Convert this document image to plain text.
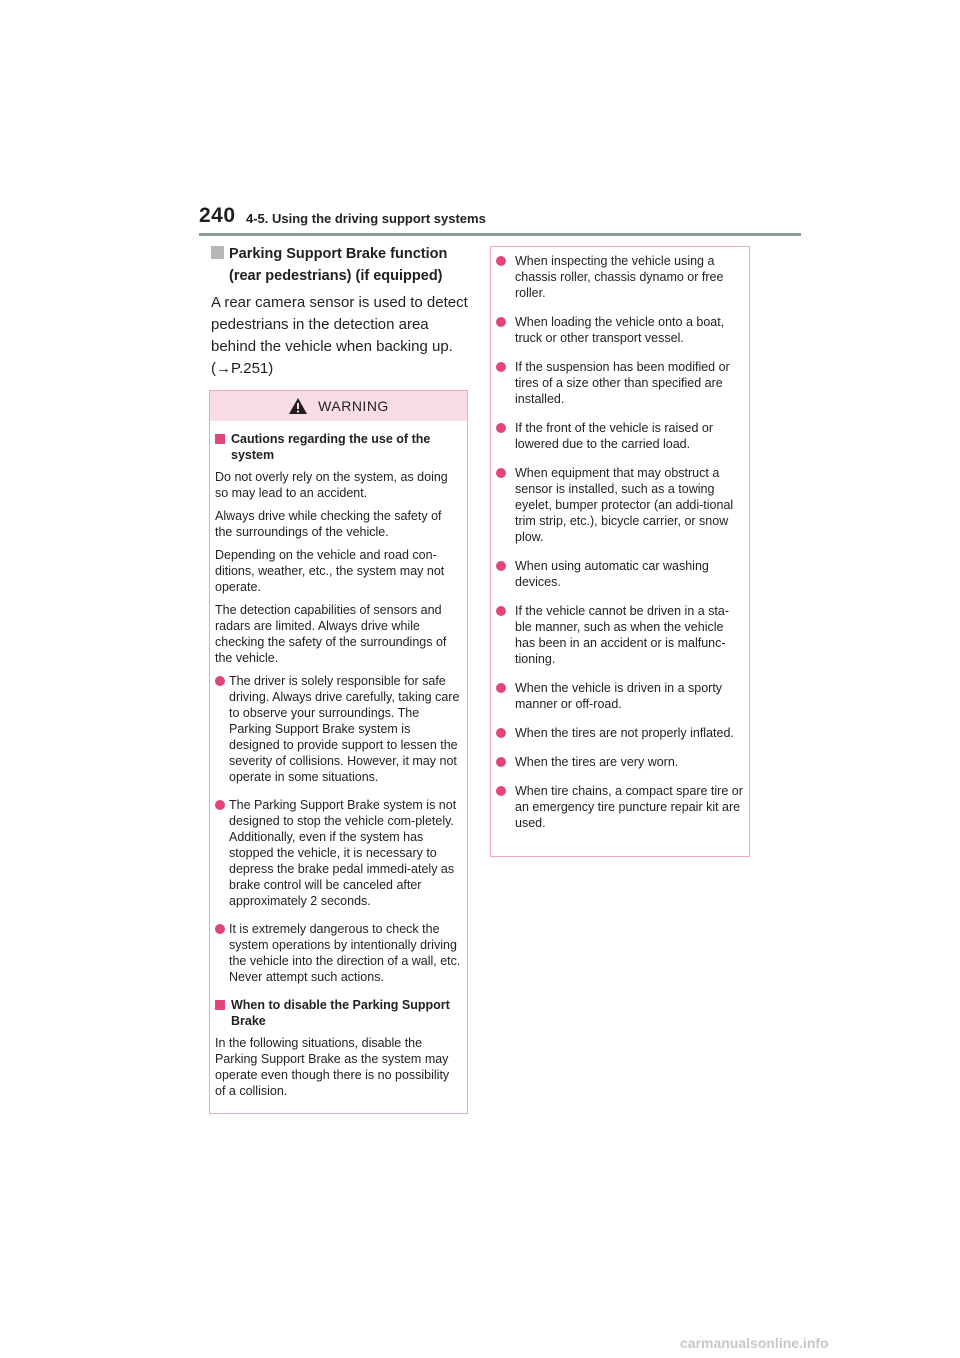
240 4-5. Using the driving support systems
Parking Support Brake function (rear pedestrians) (if equipped)
A rear camera sensor is used to detect pedestrians in the detection area behind the vehicle when backing up. (→P.251)
WARNING
Cautions regarding the use of the system

Do not overly rely on the system, as doing so may lead to an accident.

Always drive while checking the safety of the surroundings of the vehicle.

Depending on the vehicle and road con-ditions, weather, etc., the system may not operate.

The detection capabilities of sensors and radars are limited. Always drive while checking the safety of the surroundings of the vehicle.

The driver is solely responsible for safe driving. Always drive carefully, taking care to observe your surroundings. The Parking Support Brake system is designed to provide support to lessen the severity of collisions. However, it may not operate in some situations.
The Parking Support Brake system is not designed to stop the vehicle com-pletely. Additionally, even if the system has stopped the vehicle, it is necessary to depress the brake pedal immedi-ately as brake control will be canceled after approximately 2 seconds.
It is extremely dangerous to check the system operations by intentionally driving the vehicle into the direction of a wall, etc. Never attempt such actions.
When to disable the Parking Support Brake

In the following situations, disable the Parking Support Brake as the system may operate even though there is no possibility of a collision.

When inspecting the vehicle using a chassis roller, chassis dynamo or free roller.
When loading the vehicle onto a boat, truck or other transport vessel.
If the suspension has been modified or tires of a size other than specified are installed.
If the front of the vehicle is raised or lowered due to the carried load.
When equipment that may obstruct a sensor is installed, such as a towing eyelet, bumper protector (an addi-tional trim strip, etc.), bicycle carrier, or snow plow.
When using automatic car washing devices.
If the vehicle cannot be driven in a sta-ble manner, such as when the vehicle has been in an accident or is malfunc-tioning.
When the vehicle is driven in a sporty manner or off-road.
When the tires are not properly inflated.
When the tires are very worn.
When tire chains, a compact spare tire or an emergency tire puncture repair kit are used.
carmanualsonline.info
